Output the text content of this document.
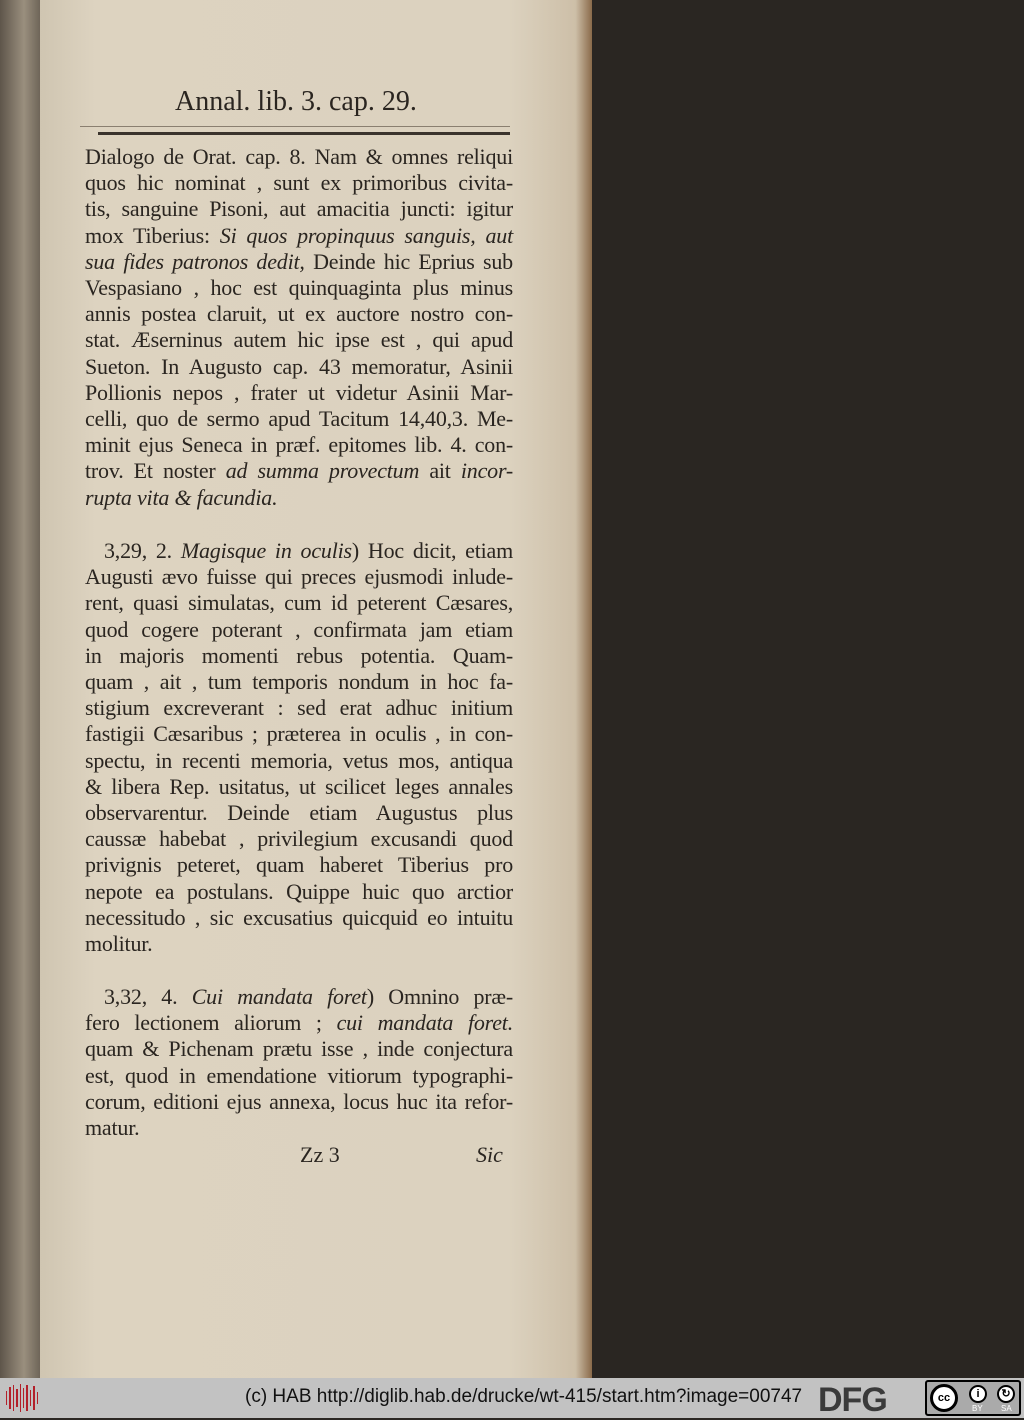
Annal. lib. 3. cap. 29.
Dialogo de Orat. cap. 8. Nam & omnes reliqui
quos hic nominat , sunt ex primoribus civita-
tis, sanguine Pisoni, aut amacitia juncti: igitur
mox Tiberius: Si quos propinquus sanguis, aut
sua fides patronos dedit, Deinde hic Eprius sub
Vespasiano , hoc est quinquaginta plus minus
annis postea claruit, ut ex auctore nostro con-
stat. Æserninus autem hic ipse est , qui apud
Sueton. In Augusto cap. 43 memoratur, Asinii
Pollionis nepos , frater ut videtur Asinii Mar-
celli, quo de sermo apud Tacitum 14,40,3. Me-
minit ejus Seneca in præf. epitomes lib. 4. con-
trov. Et noster ad summa provectum ait incor-
rupta vita & facundia.
3,29, 2. Magisque in oculis) Hoc dicit, etiam
Augusti ævo fuisse qui preces ejusmodi inlude-
rent, quasi simulatas, cum id peterent Cæsares,
quod cogere poterant , confirmata jam etiam
in majoris momenti rebus potentia. Quam-
quam , ait , tum temporis nondum in hoc fa-
stigium excreverant : sed erat adhuc initium
fastigii Cæsaribus ; præterea in oculis , in con-
spectu, in recenti memoria, vetus mos, antiqua
& libera Rep. usitatus, ut scilicet leges annales
observarentur. Deinde etiam Augustus plus
caussæ habebat , privilegium excusandi quod
privignis peteret, quam haberet Tiberius pro
nepote ea postulans. Quippe huic quo arctior
necessitudo , sic excusatius quicquid eo intuitu
molitur.
3,32, 4. Cui mandata foret) Omnino præ-
fero lectionem aliorum ; cui mandata foret.
quam & Pichenam prætu isse , inde conjectura
est, quod in emendatione vitiorum typographi-
corum, editioni ejus annexa, locus huc ita refor-
matur.
Zz 3	Sic
(c) HAB http://diglib.hab.de/drucke/wt-415/start.htm?image=00747 DFG	cc	i	↻
BY SA
